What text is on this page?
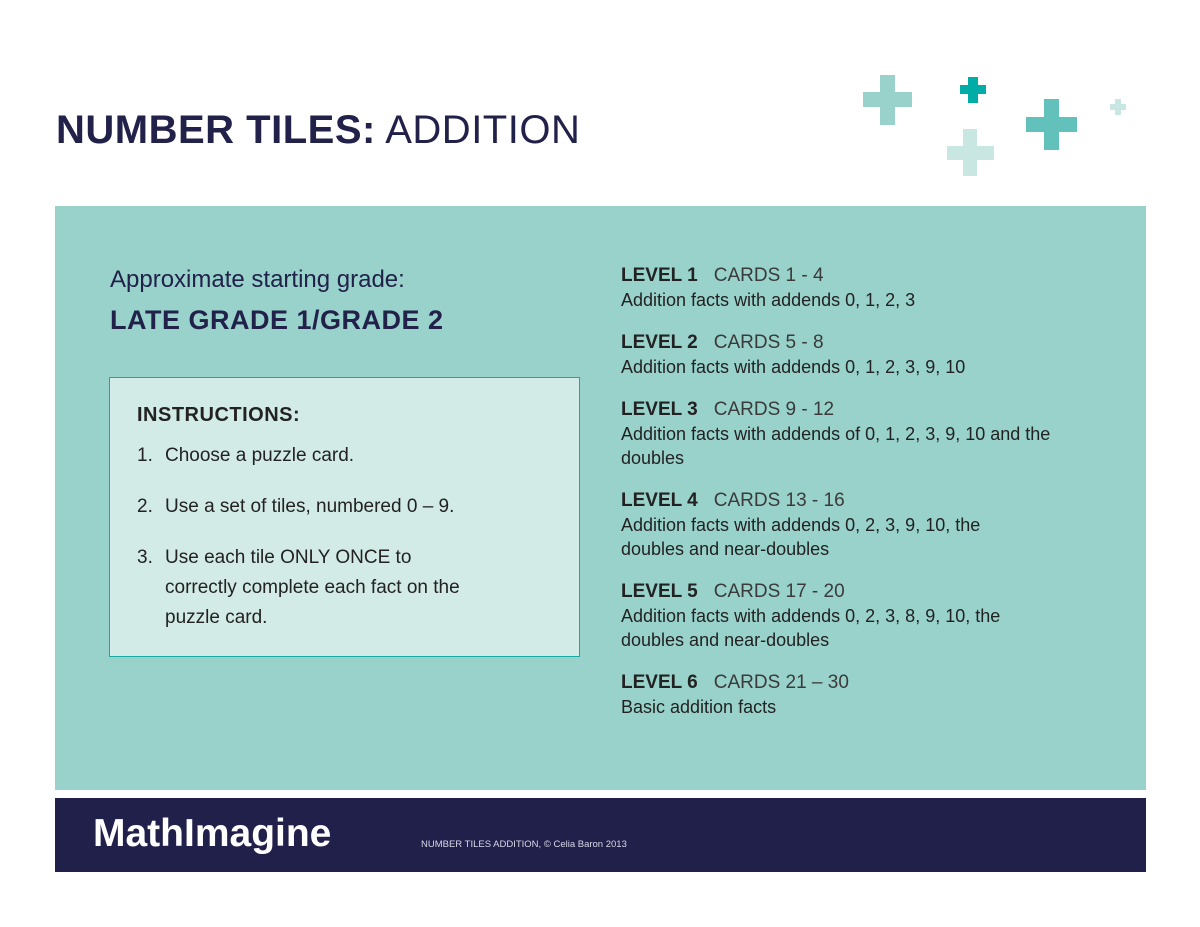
NUMBER TILES: ADDITION
Approximate starting grade:
LATE GRADE 1/GRADE 2
INSTRUCTIONS:
1. Choose a puzzle card.
2. Use a set of tiles, numbered 0 – 9.
3. Use each tile ONLY ONCE to correctly complete each fact on the puzzle card.
LEVEL 1 CARDS 1 - 4
Addition facts with addends 0, 1, 2, 3
LEVEL 2 CARDS 5 - 8
Addition facts with addends 0, 1, 2, 3, 9, 10
LEVEL 3 CARDS 9 - 12
Addition facts with addends of 0, 1, 2, 3, 9, 10 and the doubles
LEVEL 4 CARDS 13 - 16
Addition facts with addends 0, 2, 3, 9, 10, the doubles and near-doubles
LEVEL 5 CARDS 17 - 20
Addition facts with addends 0, 2, 3, 8, 9, 10, the doubles and near-doubles
LEVEL 6 CARDS 21 – 30
Basic addition facts
MathImagine	NUMBER TILES ADDITION, © Celia Baron 2013
